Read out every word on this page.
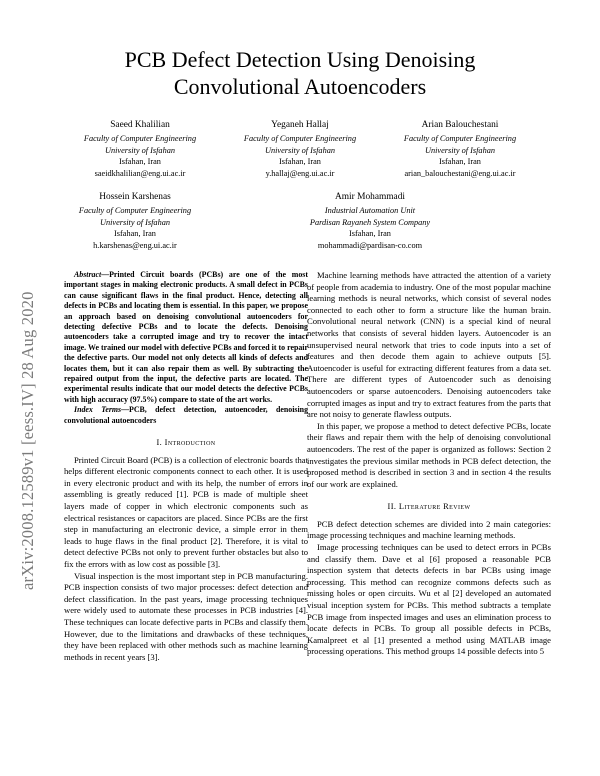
arXiv:2008.12589v1 [eess.IV] 28 Aug 2020
PCB Defect Detection Using Denoising
Convolutional Autoencoders
Saeed Khalilian
Faculty of Computer Engineering
University of Isfahan
Isfahan, Iran
saeidkhalilian@eng.ui.ac.ir
Yeganeh Hallaj
Faculty of Computer Engineering
University of Isfahan
Isfahan, Iran
y.hallaj@eng.ui.ac.ir
Arian Balouchestani
Faculty of Computer Engineering
University of Isfahan
Isfahan, Iran
arian_balouchestani@eng.ui.ac.ir
Hossein Karshenas
Faculty of Computer Engineering
University of Isfahan
Isfahan, Iran
h.karshenas@eng.ui.ac.ir
Amir Mohammadi
Industrial Automation Unit
Pardisan Rayaneh System Company
Isfahan, Iran
mohammadi@pardisan-co.com

Abstract—Printed Circuit boards (PCBs) are one of the most important stages in making electronic products. A small defect in PCBs can cause significant flaws in the final product. Hence, detecting all defects in PCBs and locating them is essential. In this paper, we propose an approach based on denoising convolutional autoencoders for detecting defective PCBs and to locate the defects. Denoising autoencoders take a corrupted image and try to recover the intact image. We trained our model with defective PCBs and forced it to repair the defective parts. Our model not only detects all kinds of defects and locates them, but it can also repair them as well. By subtracting the repaired output from the input, the defective parts are located. The experimental results indicate that our model detects the defective PCBs with high accuracy (97.5%) compare to state of the art works.

Index Terms—PCB, defect detection, autoencoder, denoising convolutional autoencoders

I. Introduction

Printed Circuit Board (PCB) is a collection of electronic boards that helps different electronic components connect to each other. It is used in every electronic product and with its help, the number of errors in assembling is greatly reduced [1]. PCB is made of multiple sheet layers made of copper in which electronic components such as electrical resistances or capacitors are placed. Since PCBs are the first step in manufacturing an electronic device, a simple error in them leads to huge flaws in the final product [2]. Therefore, it is vital to detect defective PCBs not only to prevent further obstacles but also to fix the errors with as low cost as possible [3].

Visual inspection is the most important step in PCB manufacturing. PCB inspection consists of two major processes: defect detection and defect classification. In the past years, image processing techniques were widely used to automate these processes in PCB industries [4]. These techniques can locate defective parts in PCBs and classify them. However, due to the limitations and drawbacks of these techniques, they have been replaced with other methods such as machine learning methods in recent years [3].

Machine learning methods have attracted the attention of a variety of people from academia to industry. One of the most popular machine learning methods is neural networks, which consist of several nodes connected to each other to form a structure like the human brain. Convolutional neural network (CNN) is a special kind of neural networks that consists of several hidden layers. Autoencoder is an unsupervised neural network that tries to code inputs into a set of features and then decode them again to achieve outputs [5]. Autoencoder is useful for extracting different features from a data set. There are different types of Autoencoder such as denoising autoencoders or sparse autoencoders. Denoising autoencoders take corrupted images as input and try to extract features from the parts that are not noisy to generate flawless outputs.

In this paper, we propose a method to detect defective PCBs, locate their flaws and repair them with the help of denoising convolutional autoencoders. The rest of the paper is organized as follows: Section 2 investigates the previous similar methods in PCB defect detection, the proposed method is described in section 3 and in section 4 the results of our work are explained.

II. Literature Review

PCB defect detection schemes are divided into 2 main categories: image processing techniques and machine learning methods.

Image processing techniques can be used to detect errors in PCBs and classify them. Dave et al [6] proposed a reasonable PCB inspection system that detects defects in bar PCBs using image processing. This method can recognize commons defects such as missing holes or open circuits. Wu et al [2] developed an automated visual inception system for PCBs. This method subtracts a template PCB image from inspected images and uses an elimination process to locate defects in PCBs. To group all possible defects in PCBs, Kamalpreet et al [1] presented a method using MATLAB image processing operations. This method groups 14 possible defects into 5
